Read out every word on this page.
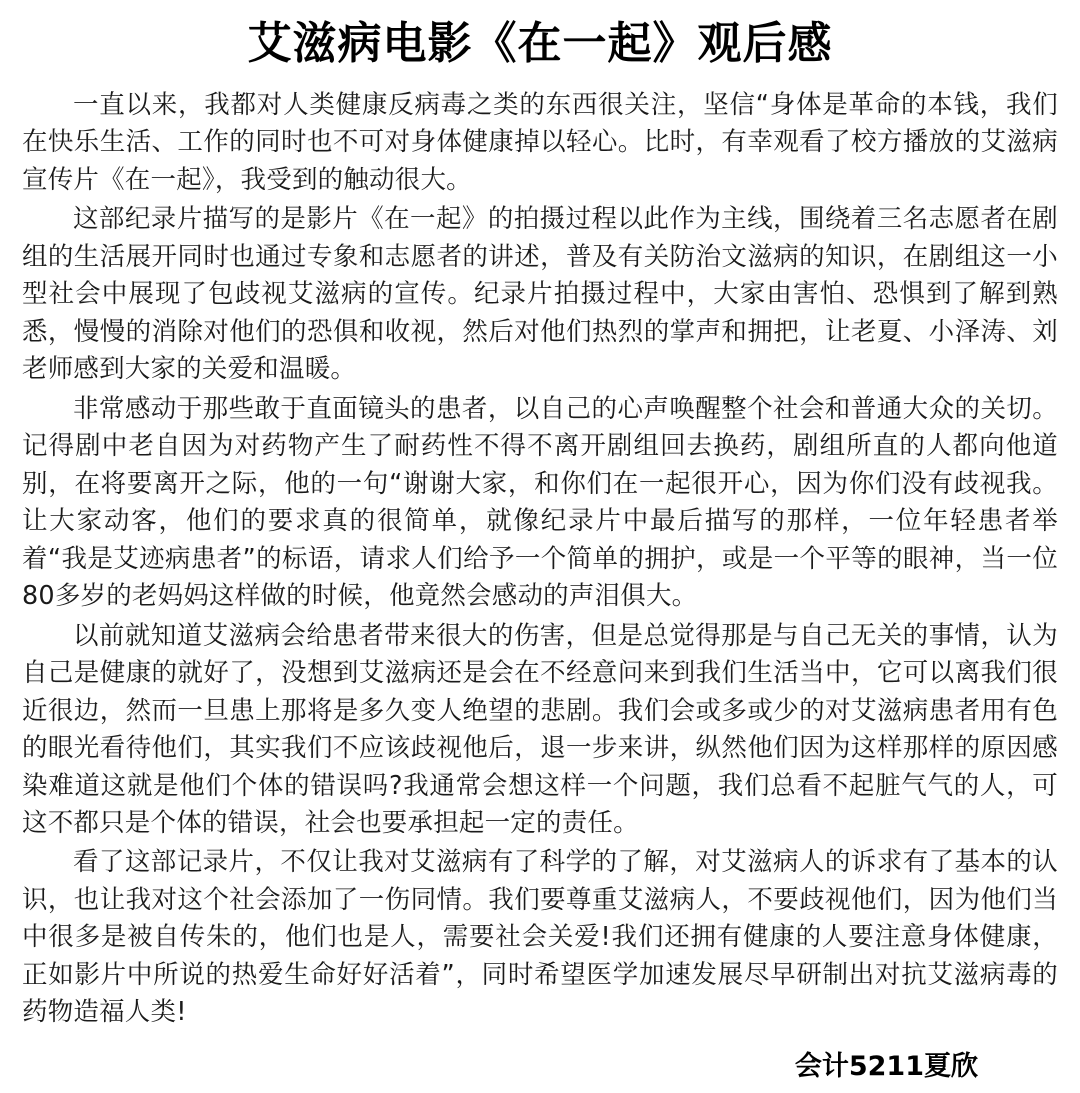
艾滋病电影《在一起》观后感

一直以来，我都对人类健康反病毒之类的东西很关注，坚信“身体是革命的本钱，我们在快乐生活、工作的同时也不可对身体健康掉以轻心。比时，有幸观看了校方播放的艾滋病宣传片《在一起》，我受到的触动很大。

这部纪录片描写的是影片《在一起》的拍摄过程以此作为主线，围绕着三名志愿者在剧组的生活展开同时也通过专象和志愿者的讲述，普及有关防治文滋病的知识，在剧组这一小型社会中展现了包歧视艾滋病的宣传。纪录片拍摄过程中，大家由害怕、恐惧到了解到熟悉，慢慢的消除对他们的恐俱和收视，然后对他们热烈的掌声和拥把，让老夏、小泽涛、刘老师感到大家的关爱和温暖。

非常感动于那些敢于直面镜头的患者，以自己的心声唤醒整个社会和普通大众的关切。记得剧中老自因为对药物产生了耐药性不得不离开剧组回去换药，剧组所直的人都向他道别，在将要离开之际，他的一句“谢谢大家，和你们在一起很开心，因为你们没有歧视我。让大家动客，他们的要求真的很简单，就像纪录片中最后描写的那样，一位年轻患者举着“我是艾迹病患者”的标语，请求人们给予一个简单的拥护，或是一个平等的眼神，当一位80多岁的老妈妈这样做的时候，他竟然会感动的声泪俱大。

以前就知道艾滋病会给患者带来很大的伤害，但是总觉得那是与自己无关的事情，认为自己是健康的就好了，没想到艾滋病还是会在不经意问来到我们生活当中，它可以离我们很近很边，然而一旦患上那将是多久变人绝望的悲剧。我们会或多或少的对艾滋病患者用有色的眼光看待他们，其实我们不应该歧视他后，退一步来讲，纵然他们因为这样那样的原因感染难道这就是他们个体的错误吗?我通常会想这样一个问题，我们总看不起脏气气的人，可这不都只是个体的错误，社会也要承担起一定的责任。

看了这部记录片，不仅让我对艾滋病有了科学的了解，对艾滋病人的诉求有了基本的认识，也让我对这个社会添加了一伤同情。我们要尊重艾滋病人，不要歧视他们，因为他们当中很多是被自传朱的，他们也是人，需要社会关爱!我们还拥有健康的人要注意身体健康，正如影片中所说的热爱生命好好活着”，同时希望医学加速发展尽早研制出对抗艾滋病毒的药物造福人类!

会计5211夏欣
